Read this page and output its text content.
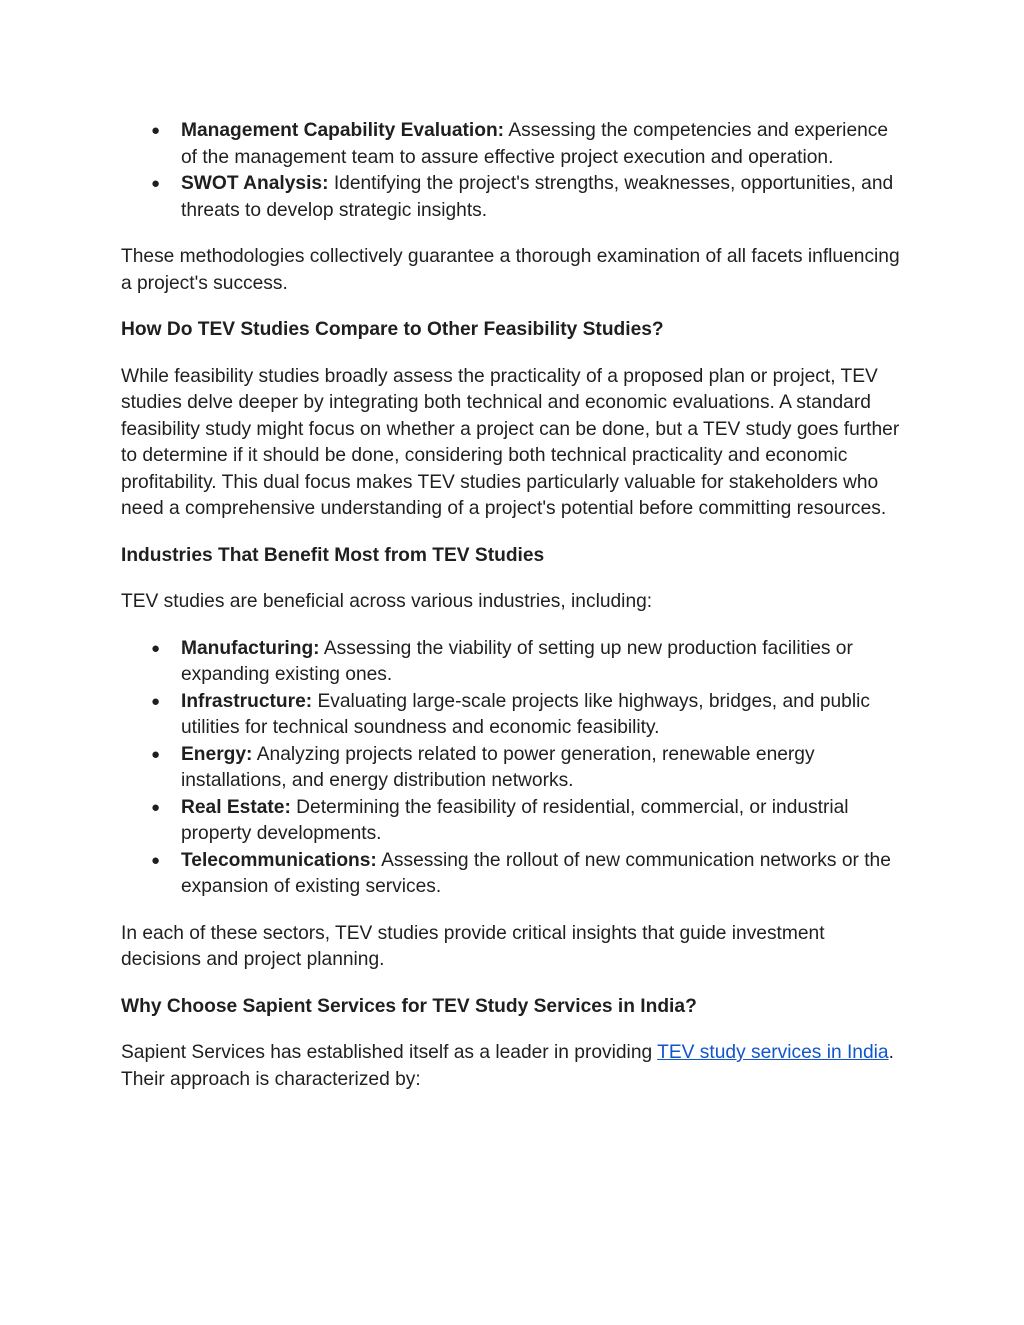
● Management Capability Evaluation: Assessing the competencies and experience of the management team to assure effective project execution and operation.
● SWOT Analysis: Identifying the project's strengths, weaknesses, opportunities, and threats to develop strategic insights.

These methodologies collectively guarantee a thorough examination of all facets influencing a project's success.

How Do TEV Studies Compare to Other Feasibility Studies?

While feasibility studies broadly assess the practicality of a proposed plan or project, TEV studies delve deeper by integrating both technical and economic evaluations. A standard feasibility study might focus on whether a project can be done, but a TEV study goes further to determine if it should be done, considering both technical practicality and economic profitability. This dual focus makes TEV studies particularly valuable for stakeholders who need a comprehensive understanding of a project's potential before committing resources.

Industries That Benefit Most from TEV Studies

TEV studies are beneficial across various industries, including:

● Manufacturing: Assessing the viability of setting up new production facilities or expanding existing ones.
● Infrastructure: Evaluating large-scale projects like highways, bridges, and public utilities for technical soundness and economic feasibility.
● Energy: Analyzing projects related to power generation, renewable energy installations, and energy distribution networks.
● Real Estate: Determining the feasibility of residential, commercial, or industrial property developments.
● Telecommunications: Assessing the rollout of new communication networks or the expansion of existing services.

In each of these sectors, TEV studies provide critical insights that guide investment decisions and project planning.

Why Choose Sapient Services for TEV Study Services in India?

Sapient Services has established itself as a leader in providing TEV study services in India. Their approach is characterized by:
